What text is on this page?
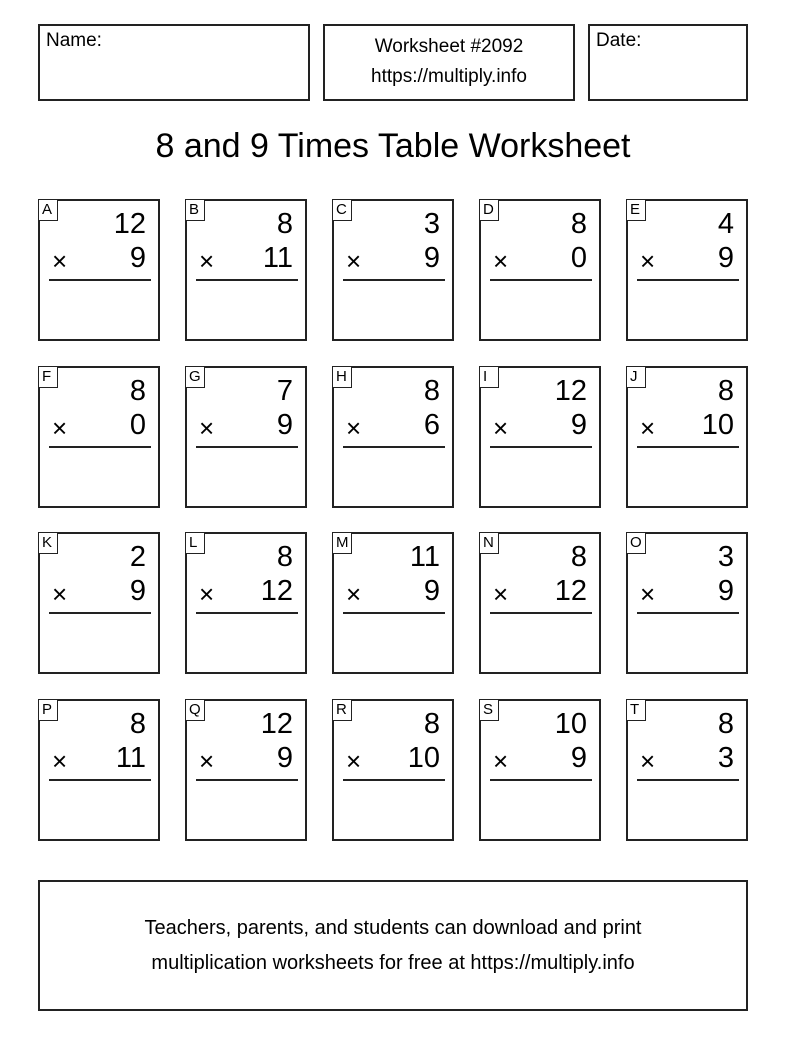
Name:	Worksheet #2092
https://multiply.info
Date:
8 and 9 Times Table Worksheet
A 12
× 9
B	8
× 11
C	3
× 9
D	8
× 0
E	4
× 9
F	8
× 0
G	7
× 9
H	8
× 6
I	12
× 9
J	8
× 10
K	2
× 9
L	8
× 12
M 11
× 9
N	8
× 12
O	3
× 9
P	8
× 11
Q 12
× 9
R	8
× 10
S 10
× 9
T	8
× 3
Teachers, parents, and students can download and print
multiplication worksheets for free at https://multiply.info
